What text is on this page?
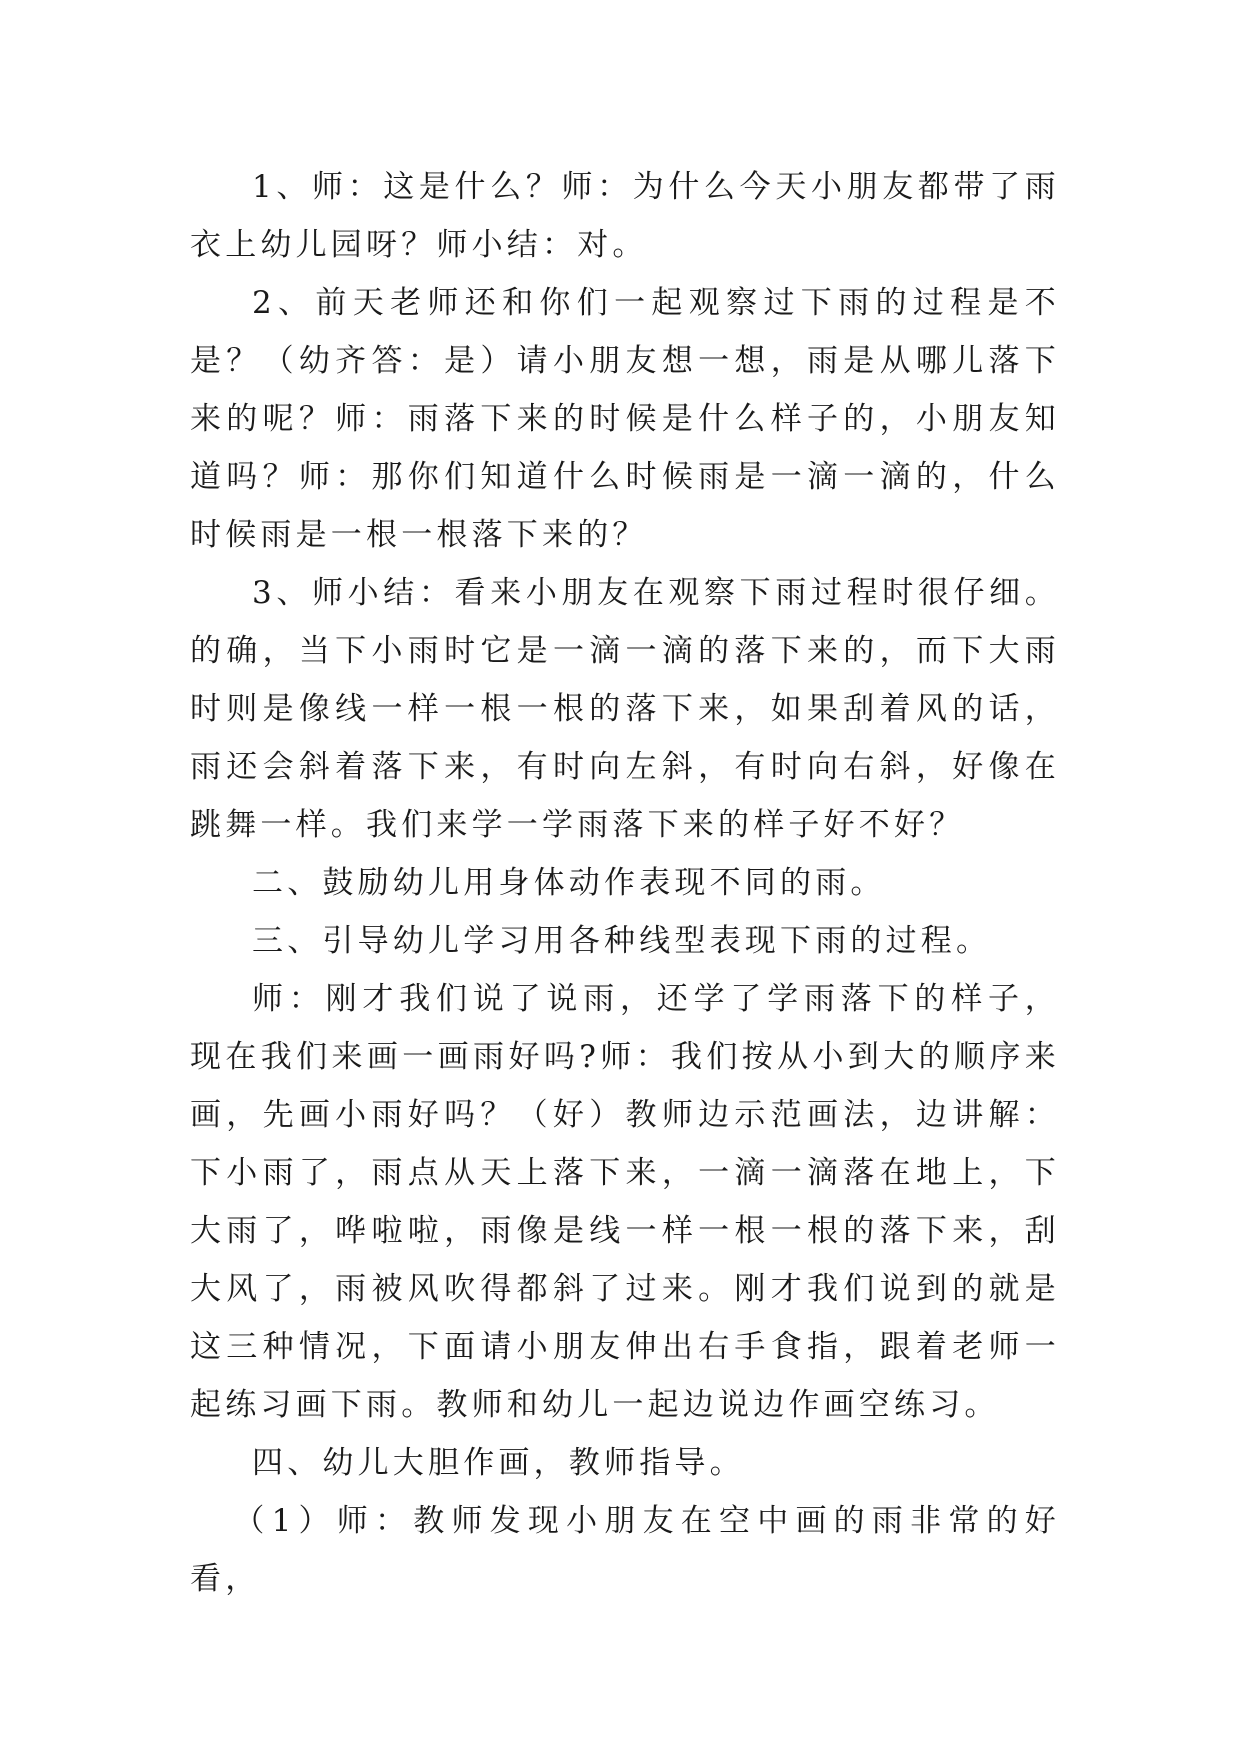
1、师：这是什么？师：为什么今天小朋友都带了雨衣上幼儿园呀？师小结：对。

2、前天老师还和你们一起观察过下雨的过程是不是？（幼齐答：是）请小朋友想一想，雨是从哪儿落下来的呢？师：雨落下来的时候是什么样子的，小朋友知道吗？师：那你们知道什么时候雨是一滴一滴的，什么时候雨是一根一根落下来的？

3、师小结：看来小朋友在观察下雨过程时很仔细。的确，当下小雨时它是一滴一滴的落下来的，而下大雨时则是像线一样一根一根的落下来，如果刮着风的话，雨还会斜着落下来，有时向左斜，有时向右斜，好像在跳舞一样。我们来学一学雨落下来的样子好不好？

二、鼓励幼儿用身体动作表现不同的雨。

三、引导幼儿学习用各种线型表现下雨的过程。

师：刚才我们说了说雨，还学了学雨落下的样子，现在我们来画一画雨好吗?师：我们按从小到大的顺序来画，先画小雨好吗？（好）教师边示范画法，边讲解：下小雨了，雨点从天上落下来，一滴一滴落在地上，下大雨了，哗啦啦，雨像是线一样一根一根的落下来，刮大风了，雨被风吹得都斜了过来。刚才我们说到的就是这三种情况，下面请小朋友伸出右手食指，跟着老师一起练习画下雨。教师和幼儿一起边说边作画空练习。

四、幼儿大胆作画，教师指导。

（1）师：教师发现小朋友在空中画的雨非常的好看，
